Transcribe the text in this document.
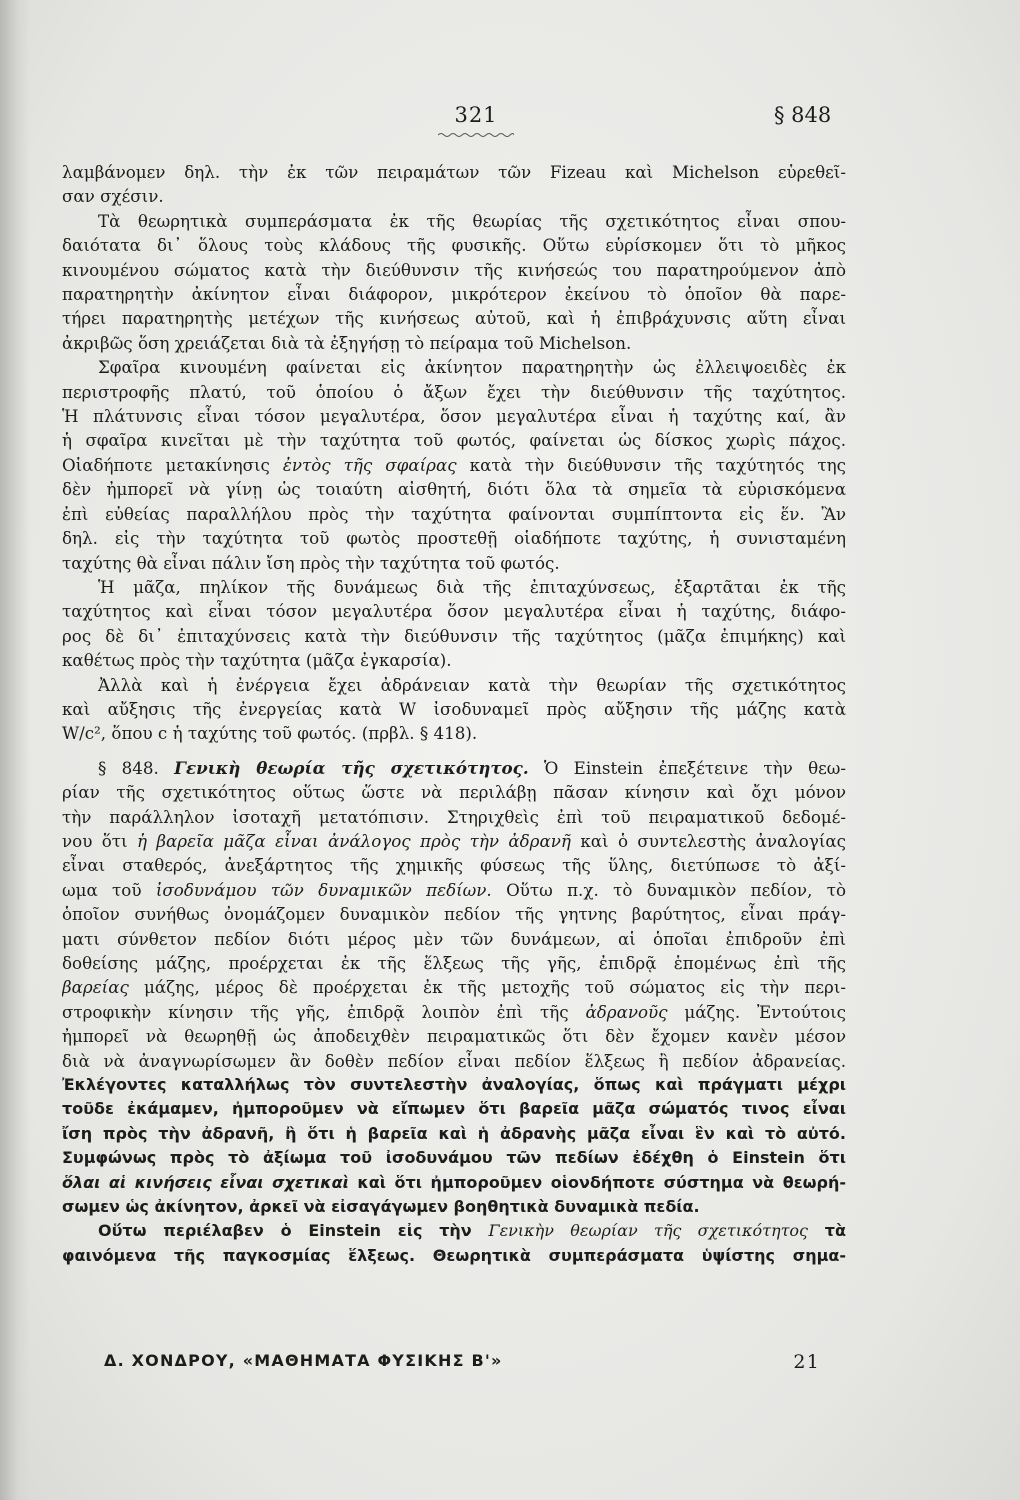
321	§ 848
λαμβάνομεν δηλ. τὴν ἐκ τῶν πειραμάτων τῶν Fizeau καὶ Michelson εὑρεθεῖ-
σαν σχέσιν.
Τὰ θεωρητικὰ συμπεράσματα ἐκ τῆς θεωρίας τῆς σχετικότητος εἶναι σπου-
δαιότατα δι᾽ ὅλους τοὺς κλάδους τῆς φυσικῆς. Οὕτω εὑρίσκομεν ὅτι τὸ μῆκος
κινουμένου σώματος κατὰ τὴν διεύθυνσιν τῆς κινήσεώς του παρατηρούμενον ἀπὸ
παρατηρητὴν ἀκίνητον εἶναι διάφορον, μικρότερον ἐκείνου τὸ ὁποῖον θὰ παρε-
τήρει παρατηρητὴς μετέχων τῆς κινήσεως αὐτοῦ, καὶ ἡ ἐπιβράχυνσις αὕτη εἶναι
ἀκριβῶς ὅση χρειάζεται διὰ τὰ ἐξηγήσῃ τὸ πείραμα τοῦ Michelson.
Σφαῖρα κινουμένη φαίνεται εἰς ἀκίνητον παρατηρητὴν ὡς ἐλλειψοειδὲς ἐκ
περιστροφῆς πλατύ, τοῦ ὁποίου ὁ ἄξων ἔχει τὴν διεύθυνσιν τῆς ταχύτητος.
Ἡ πλάτυνσις εἶναι τόσον μεγαλυτέρα, ὅσον μεγαλυτέρα εἶναι ἡ ταχύτης καί, ἂν
ἡ σφαῖρα κινεῖται μὲ τὴν ταχύτητα τοῦ φωτός, φαίνεται ὡς δίσκος χωρὶς πάχος.
Οἱαδήποτε μετακίνησις ἐντὸς τῆς σφαίρας κατὰ τὴν διεύθυνσιν τῆς ταχύτητός της
δὲν ἠμπορεῖ νὰ γίνῃ ὡς τοιαύτη αἰσθητή, διότι ὅλα τὰ σημεῖα τὰ εὑρισκόμενα
ἐπὶ εὐθείας παραλλήλου πρὸς τὴν ταχύτητα φαίνονται συμπίπτοντα εἰς ἕν. Ἂν
δηλ. εἰς τὴν ταχύτητα τοῦ φωτὸς προστεθῇ οἱαδήποτε ταχύτης, ἡ συνισταμένη
ταχύτης θὰ εἶναι πάλιν ἴση πρὸς τὴν ταχύτητα τοῦ φωτός.
Ἡ μᾶζα, πηλίκον τῆς δυνάμεως διὰ τῆς ἐπιταχύνσεως, ἐξαρτᾶται ἐκ τῆς
ταχύτητος καὶ εἶναι τόσον μεγαλυτέρα ὅσον μεγαλυτέρα εἶναι ἡ ταχύτης, διάφο-
ρος δὲ δι᾽ ἐπιταχύνσεις κατὰ τὴν διεύθυνσιν τῆς ταχύτητος (μᾶζα ἐπιμήκης) καὶ
καθέτως πρὸς τὴν ταχύτητα (μᾶζα ἐγκαρσία).
Ἀλλὰ καὶ ἡ ἐνέργεια ἔχει ἀδράνειαν κατὰ τὴν θεωρίαν τῆς σχετικότητος
καὶ αὔξησις τῆς ἐνεργείας κατὰ W ἰσοδυναμεῖ πρὸς αὔξησιν τῆς μάζης κατὰ
W/c², ὅπου c ἡ ταχύτης τοῦ φωτός. (πρβλ. § 418).
§ 848. Γενικὴ θεωρία τῆς σχετικότητος. Ὁ Einstein ἐπεξέτεινε τὴν θεω-
ρίαν τῆς σχετικότητος οὕτως ὥστε νὰ περιλάβῃ πᾶσαν κίνησιν καὶ ὄχι μόνον
τὴν παράλληλον ἰσοταχῆ μετατόπισιν. Στηριχθεὶς ἐπὶ τοῦ πειραματικοῦ δεδομέ-
νου ὅτι ἡ βαρεῖα μᾶζα εἶναι ἀνάλογος πρὸς τὴν ἀδρανῆ καὶ ὁ συντελεστὴς ἀναλογίας
εἶναι σταθερός, ἀνεξάρτητος τῆς χημικῆς φύσεως τῆς ὕλης, διετύπωσε τὸ ἀξί-
ωμα τοῦ ἰσοδυνάμου τῶν δυναμικῶν πεδίων. Οὕτω π.χ. τὸ δυναμικὸν πεδίον, τὸ
ὁποῖον συνήθως ὀνομάζομεν δυναμικὸν πεδίον τῆς γητνης βαρύτητος, εἶναι πράγ-
ματι σύνθετον πεδίον διότι μέρος μὲν τῶν δυνάμεων, αἱ ὁποῖαι ἐπιδροῦν ἐπὶ
δοθείσης μάζης, προέρχεται ἐκ τῆς ἕλξεως τῆς γῆς, ἐπιδρᾷ ἑπομένως ἐπὶ τῆς
βαρείας μάζης, μέρος δὲ προέρχεται ἐκ τῆς μετοχῆς τοῦ σώματος εἰς τὴν περι-
στροφικὴν κίνησιν τῆς γῆς, ἐπιδρᾷ λοιπὸν ἐπὶ τῆς ἀδρανοῦς μάζης. Ἐντούτοις
ἠμπορεῖ νὰ θεωρηθῇ ὡς ἀποδειχθὲν πειραματικῶς ὅτι δὲν ἔχομεν κανὲν μέσον
διὰ νὰ ἀναγνωρίσωμεν ἂν δοθὲν πεδίον εἶναι πεδίον ἕλξεως ἢ πεδίον ἀδρανείας.
Ἐκλέγοντες καταλλήλως τὸν συντελεστὴν ἀναλογίας, ὅπως καὶ πράγματι μέχρι
τοῦδε ἐκάμαμεν, ἠμποροῦμεν νὰ εἴπωμεν ὅτι βαρεῖα μᾶζα σώματός τινος εἶναι
ἴση πρὸς τὴν ἀδρανῆ, ἢ ὅτι ἡ βαρεῖα καὶ ἡ ἀδρανὴς μᾶζα εἶναι ἓν καὶ τὸ αὐτό.
Συμφώνως πρὸς τὸ ἀξίωμα τοῦ ἰσοδυνάμου τῶν πεδίων ἐδέχθη ὁ Einstein ὅτι
ὅλαι αἱ κινήσεις εἶναι σχετικαὶ καὶ ὅτι ἠμποροῦμεν οἱονδήποτε σύστημα νὰ θεωρή-
σωμεν ὡς ἀκίνητον, ἀρκεῖ νὰ εἰσαγάγωμεν βοηθητικὰ δυναμικὰ πεδία.
Οὕτω περιέλαβεν ὁ Einstein εἰς τὴν Γενικὴν θεωρίαν τῆς σχετικότητος τὰ
φαινόμενα τῆς παγκοσμίας ἕλξεως. Θεωρητικὰ συμπεράσματα ὑψίστης σημα-
Δ. ΧΟΝΔΡΟΥ, «ΜΑΘΗΜΑΤΑ ΦΥΣΙΚΗΣ Β'»	21
